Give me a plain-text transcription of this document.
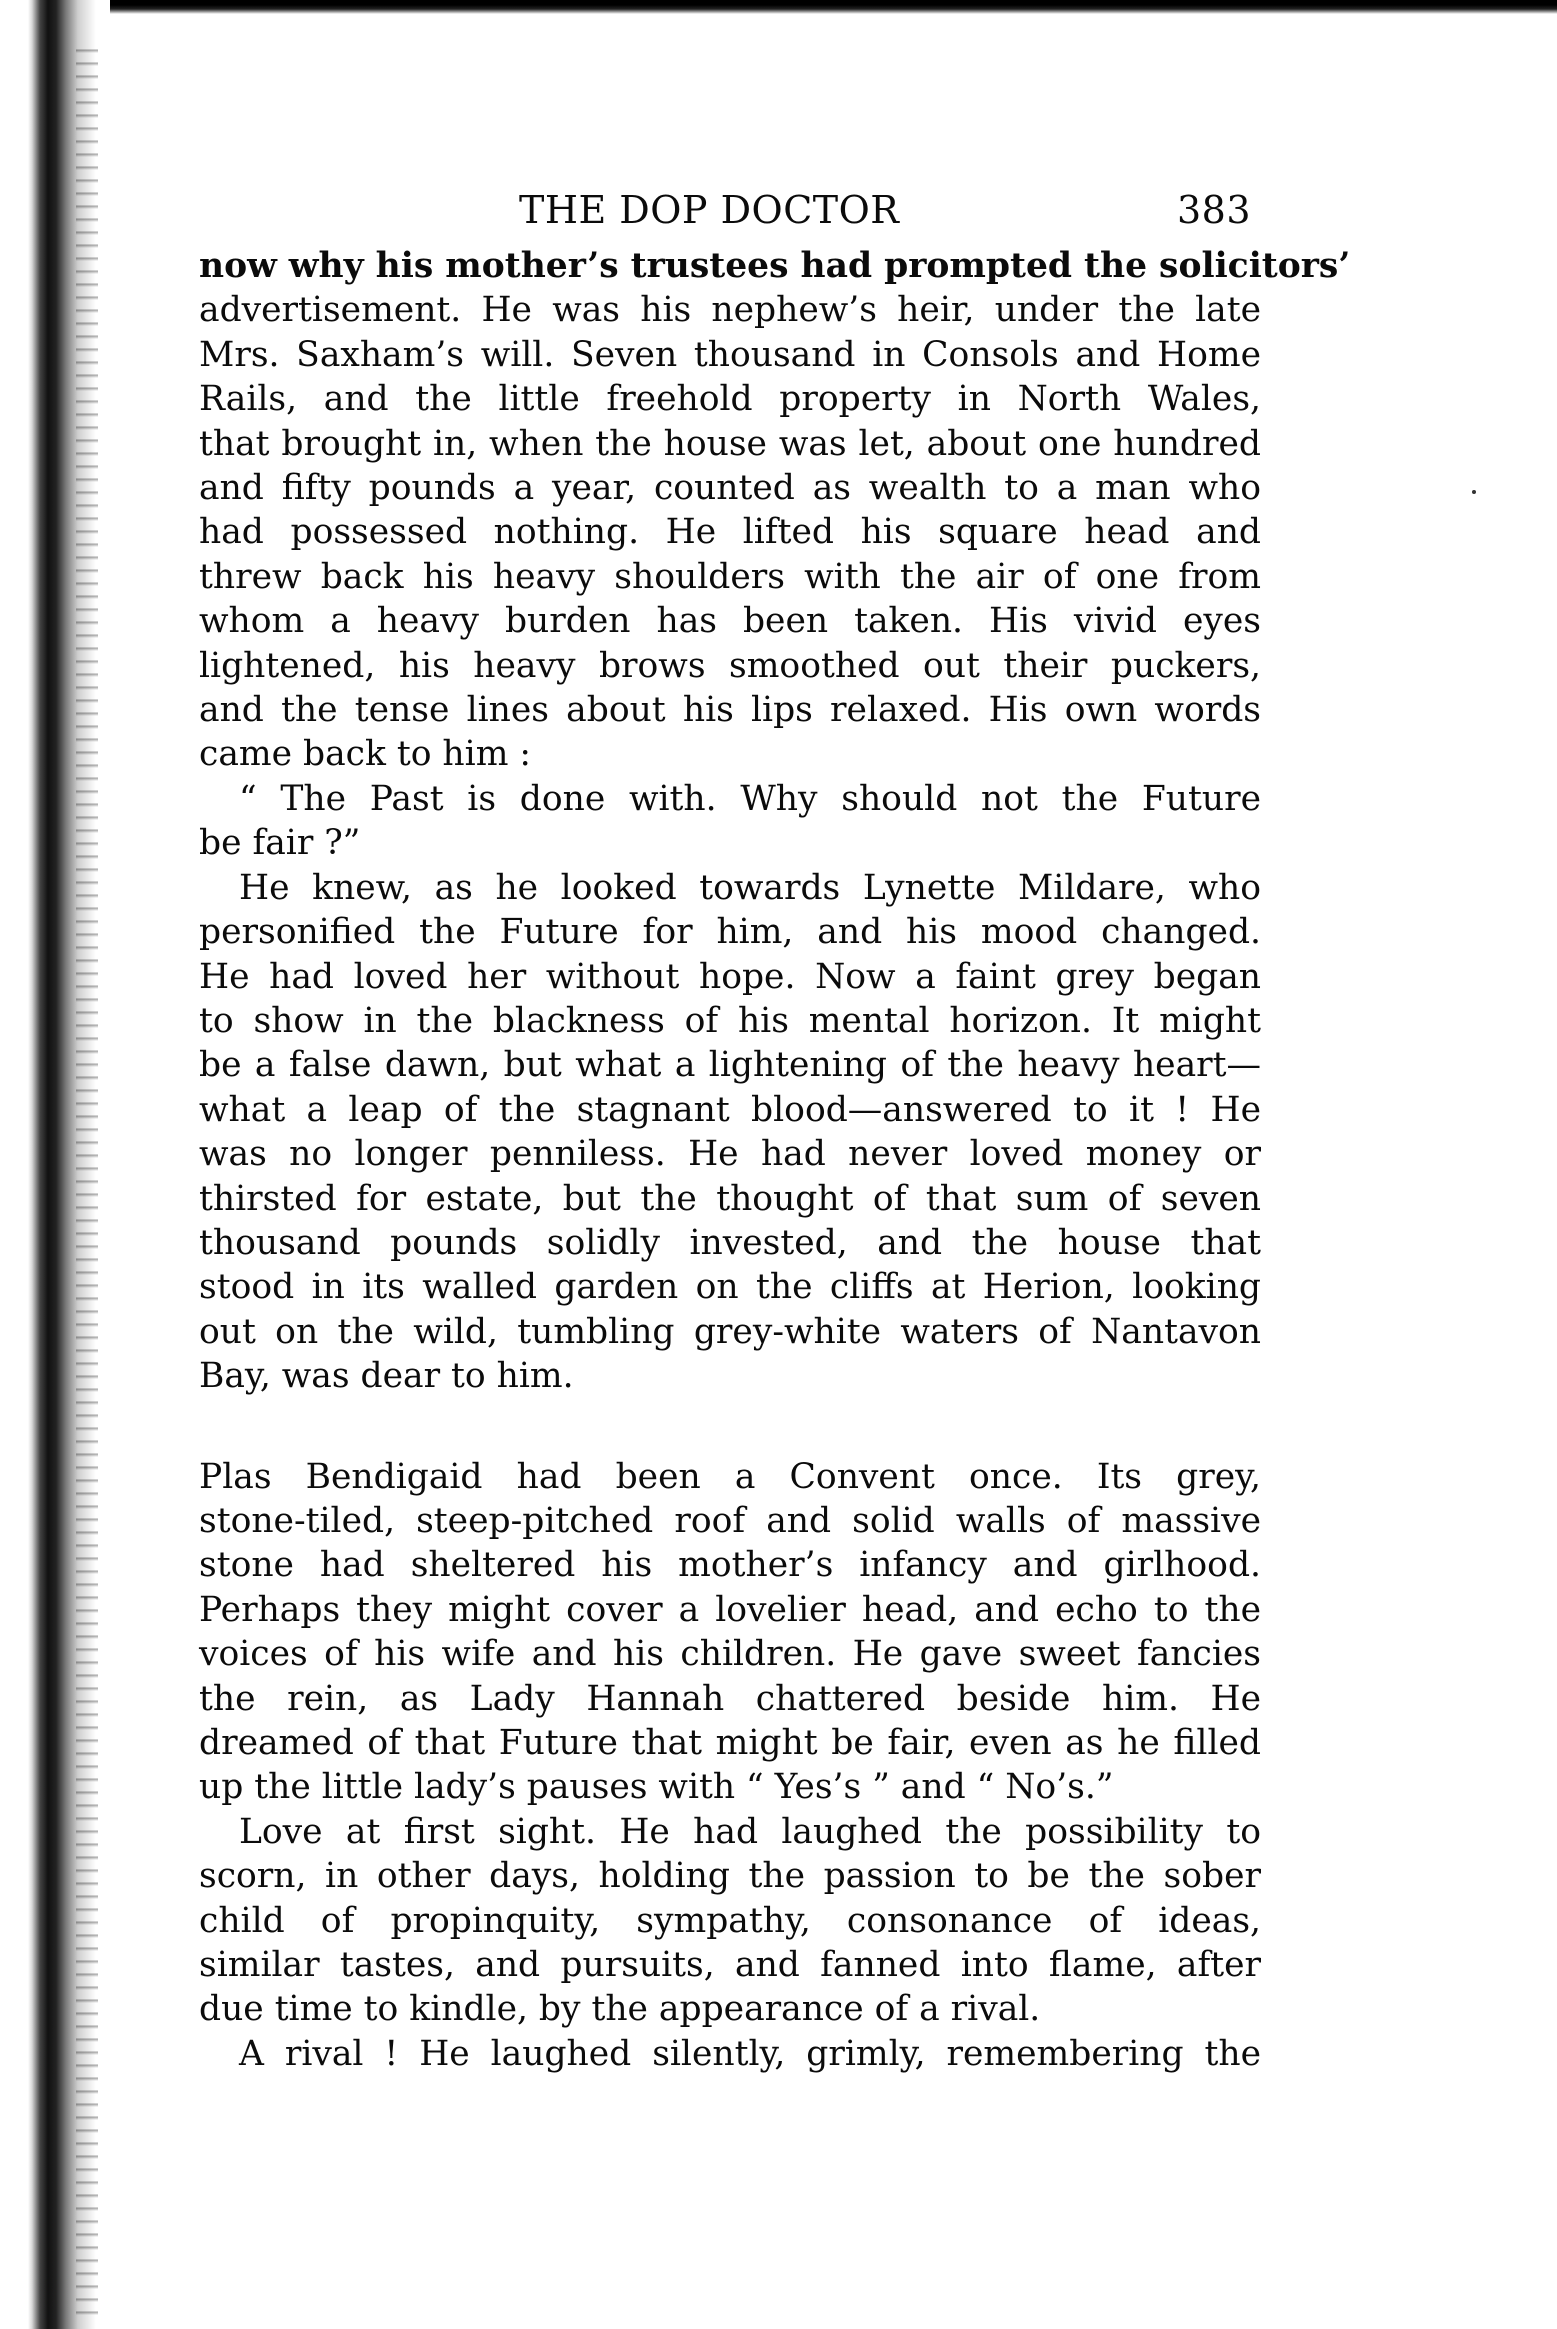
THE DOP DOCTOR	383

now why his mother’s trustees had prompted the solicitors’
advertisement. He was his nephew’s heir, under the late
Mrs. Saxham’s will. Seven thousand in Consols and Home
Rails, and the little freehold property in North Wales,
that brought in, when the house was let, about one hundred
and fifty pounds a year, counted as wealth to a man who
had possessed nothing. He lifted his square head and
threw back his heavy shoulders with the air of one from
whom a heavy burden has been taken. His vivid eyes
lightened, his heavy brows smoothed out their puckers,
and the tense lines about his lips relaxed. His own words
came back to him :

“ The Past is done with. Why should not the Future
be fair ?”

He knew, as he looked towards Lynette Mildare, who
personified the Future for him, and his mood changed.
He had loved her without hope. Now a faint grey began
to show in the blackness of his mental horizon. It might
be a false dawn, but what a lightening of the heavy heart—
what a leap of the stagnant blood—answered to it ! He
was no longer penniless. He had never loved money or
thirsted for estate, but the thought of that sum of seven
thousand pounds solidly invested, and the house that
stood in its walled garden on the cliffs at Herion, looking
out on the wild, tumbling grey-white waters of Nantavon
Bay, was dear to him.

Plas Bendigaid had been a Convent once. Its grey,
stone-tiled, steep-pitched roof and solid walls of massive
stone had sheltered his mother’s infancy and girlhood.
Perhaps they might cover a lovelier head, and echo to the
voices of his wife and his children. He gave sweet fancies
the rein, as Lady Hannah chattered beside him. He
dreamed of that Future that might be fair, even as he filled
up the little lady’s pauses with “ Yes’s ” and “ No’s.”

Love at first sight. He had laughed the possibility to
scorn, in other days, holding the passion to be the sober
child of propinquity, sympathy, consonance of ideas,
similar tastes, and pursuits, and fanned into flame, after
due time to kindle, by the appearance of a rival.

A rival ! He laughed silently, grimly, remembering the
